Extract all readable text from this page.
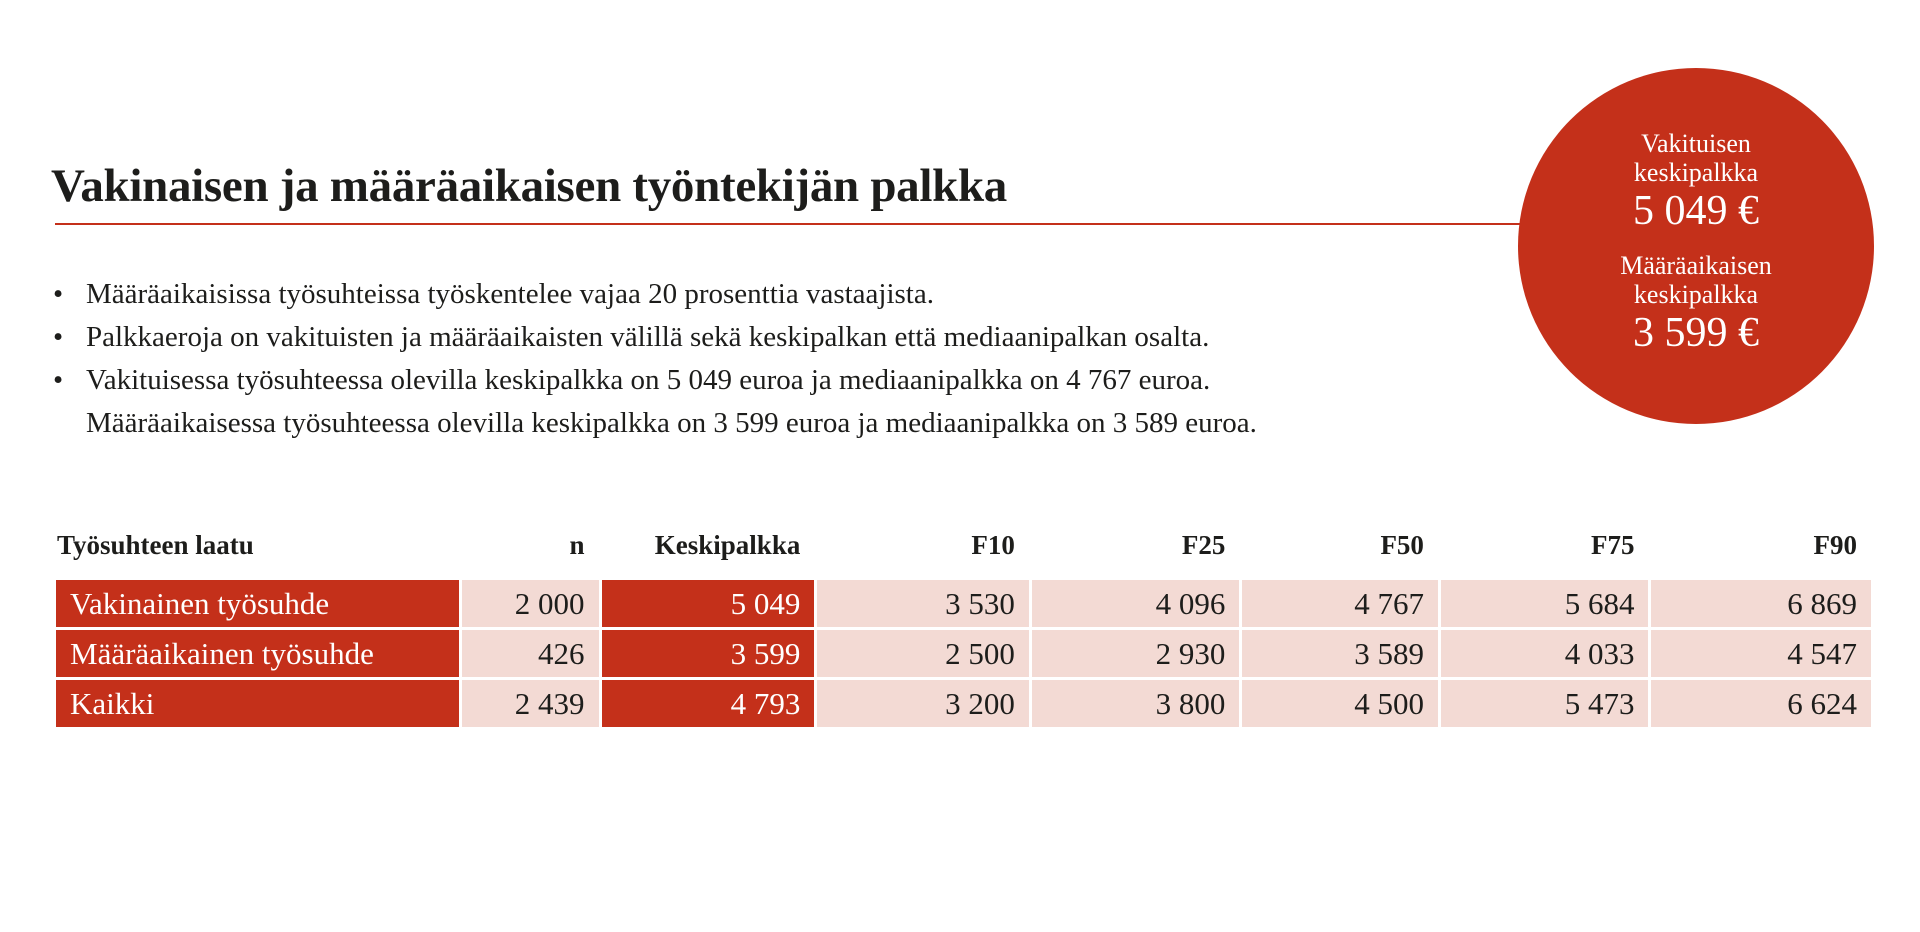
Vakinaisen ja määräaikaisen työntekijän palkka
• Määräaikaisissa työsuhteissa työskentelee vajaa 20 prosenttia vastaajista.
• Palkkaeroja on vakituisten ja määräaikaisten välillä sekä keskipalkan että mediaanipalkan osalta.
• Vakituisessa työsuhteessa olevilla keskipalkka on 5 049 euroa ja mediaanipalkka on 4 767 euroa.
Määräaikaisessa työsuhteessa olevilla keskipalkka on 3 599 euroa ja mediaanipalkka on 3 589 euroa.
Vakituisen
keskipalkka
5 049 €
Määräaikaisen
keskipalkka
3 599 €
Työsuhteen laatu	n	Keskipalkka	F10	F25	F50	F75	F90
Vakinainen työsuhde	2 000	5 049	3 530	4 096	4 767	5 684	6 869
Määräaikainen työsuhde	426	3 599	2 500	2 930	3 589	4 033	4 547
Kaikki	2 439	4 793	3 200	3 800	4 500	5 473	6 624
